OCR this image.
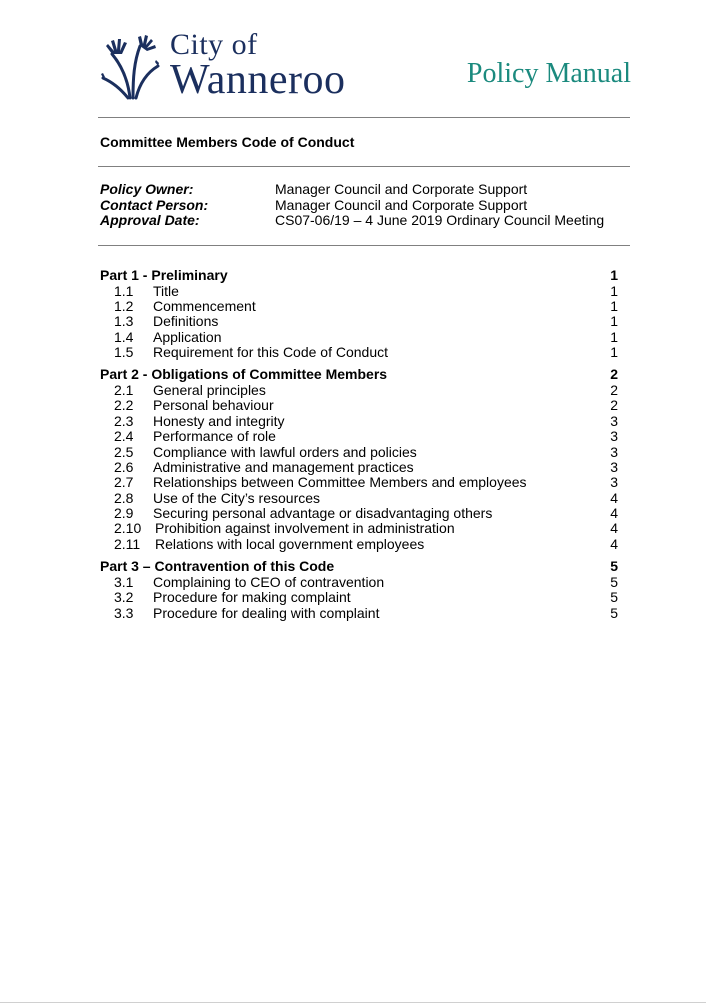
City of
Wanneroo	Policy Manual
Committee Members Code of Conduct
Policy Owner:	Manager Council and Corporate Support
Contact Person:	Manager Council and Corporate Support
Approval Date:	CS07-06/19 – 4 June 2019 Ordinary Council Meeting
Part 1 - Preliminary	1
1.1 Title	1
1.2 Commencement	1
1.3 Definitions	1
1.4 Application	1
1.5 Requirement for this Code of Conduct	1
Part 2 - Obligations of Committee Members	2
2.1 General principles	2
2.2 Personal behaviour	2
2.3 Honesty and integrity	3
2.4 Performance of role	3
2.5 Compliance with lawful orders and policies	3
2.6 Administrative and management practices	3
2.7 Relationships between Committee Members and employees	3
2.8 Use of the City’s resources	4
2.9 Securing personal advantage or disadvantaging others	4
2.10 Prohibition against involvement in administration	4
2.11 Relations with local government employees	4
Part 3 – Contravention of this Code	5
3.1 Complaining to CEO of contravention	5
3.2 Procedure for making complaint	5
3.3 Procedure for dealing with complaint	5
